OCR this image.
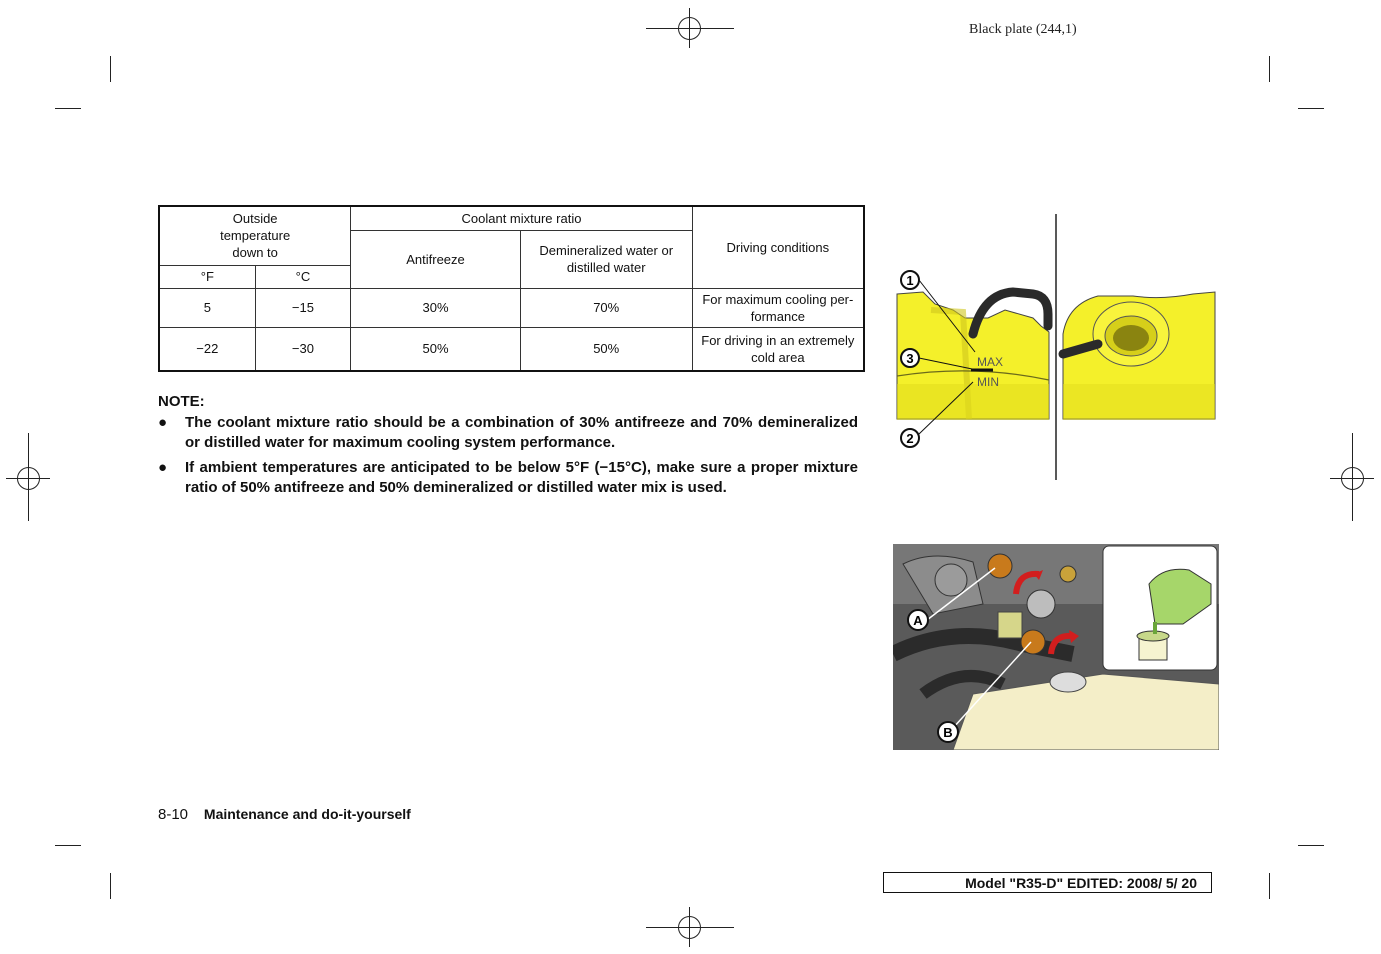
Black plate (244,1)
Outside
temperature
down to		Coolant mixture ratio		Driving conditions
		Antifreeze	Demineralized water or
distilled water	
°F	°C			
5	−15	30%	70%	For maximum cooling per-
formance
−22	−30	50%	50%	For driving in an extremely
cold area
NOTE:
● The coolant mixture ratio should be a combination of 30% antifreeze and 70% demineralized or distilled water for maximum cooling system performance.
● If ambient temperatures are anticipated to be below 5°F (−15°C), make sure a proper mixture ratio of 50% antifreeze and 50% demineralized or distilled water mix is used.
MAX
MIN
1
3
2
A
B
8-10 Maintenance and do-it-yourself
Model "R35-D" EDITED: 2008/ 5/ 20
